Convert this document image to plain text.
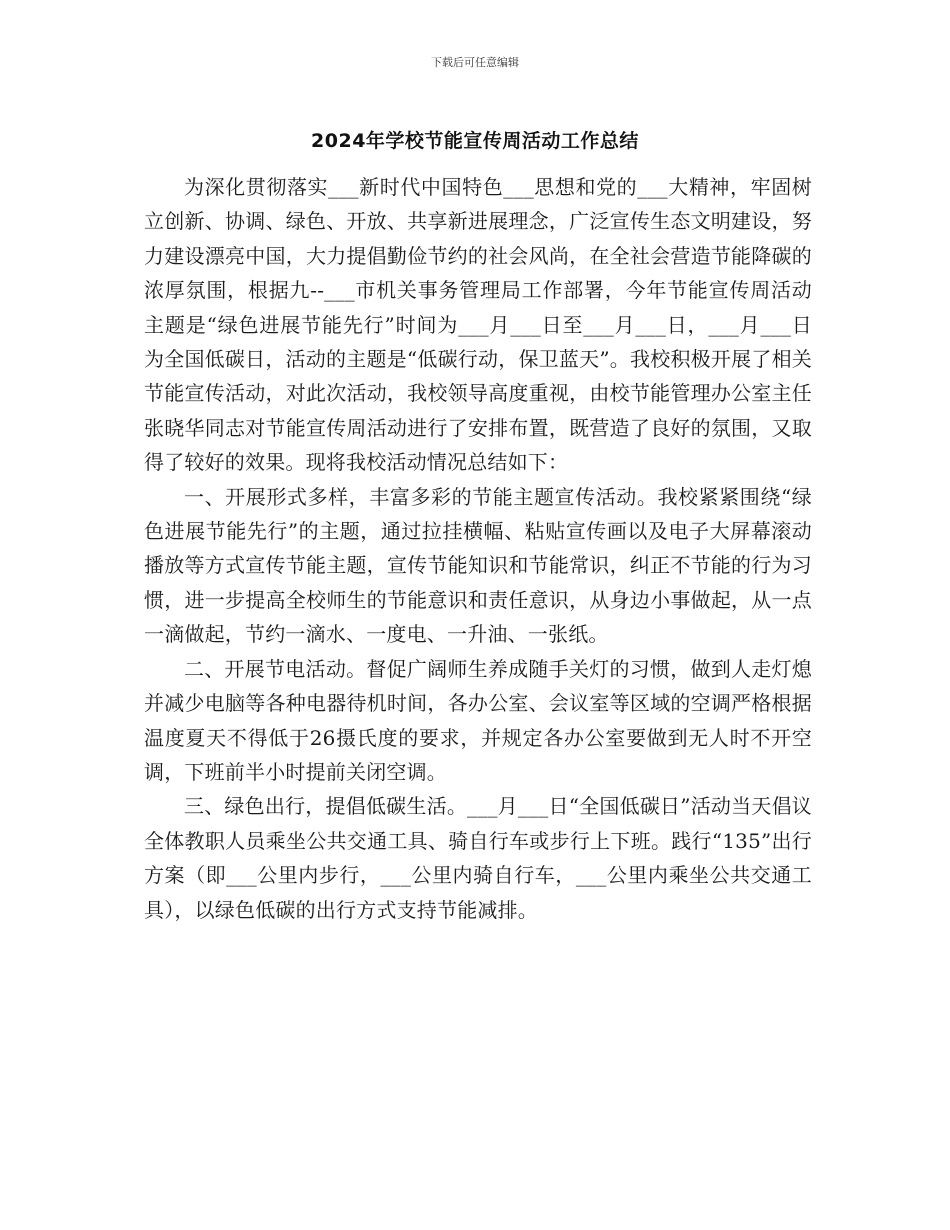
下载后可任意编辑
2024年学校节能宣传周活动工作总结

为深化贯彻落实___新时代中国特色___思想和党的___大精神，牢固树立创新、协调、绿色、开放、共享新进展理念，广泛宣传生态文明建设，努力建设漂亮中国，大力提倡勤俭节约的社会风尚，在全社会营造节能降碳的浓厚氛围，根据九--___市机关事务管理局工作部署，今年节能宣传周活动主题是“绿色进展节能先行”时间为___月___日至___月___日，___月___日为全国低碳日，活动的主题是“低碳行动，保卫蓝天”。我校积极开展了相关节能宣传活动，对此次活动，我校领导高度重视，由校节能管理办公室主任张晓华同志对节能宣传周活动进行了安排布置，既营造了良好的氛围，又取得了较好的效果。现将我校活动情况总结如下：

一、开展形式多样，丰富多彩的节能主题宣传活动。我校紧紧围绕“绿色进展节能先行”的主题，通过拉挂横幅、粘贴宣传画以及电子大屏幕滚动播放等方式宣传节能主题，宣传节能知识和节能常识，纠正不节能的行为习惯，进一步提高全校师生的节能意识和责任意识，从身边小事做起，从一点一滴做起，节约一滴水、一度电、一升油、一张纸。

二、开展节电活动。督促广阔师生养成随手关灯的习惯，做到人走灯熄并减少电脑等各种电器待机时间，各办公室、会议室等区域的空调严格根据温度夏天不得低于26摄氏度的要求，并规定各办公室要做到无人时不开空调，下班前半小时提前关闭空调。

三、绿色出行，提倡低碳生活。___月___日“全国低碳日”活动当天倡议全体教职人员乘坐公共交通工具、骑自行车或步行上下班。践行“135”出行方案（即___公里内步行，___公里内骑自行车，___公里内乘坐公共交通工具），以绿色低碳的出行方式支持节能减排。
